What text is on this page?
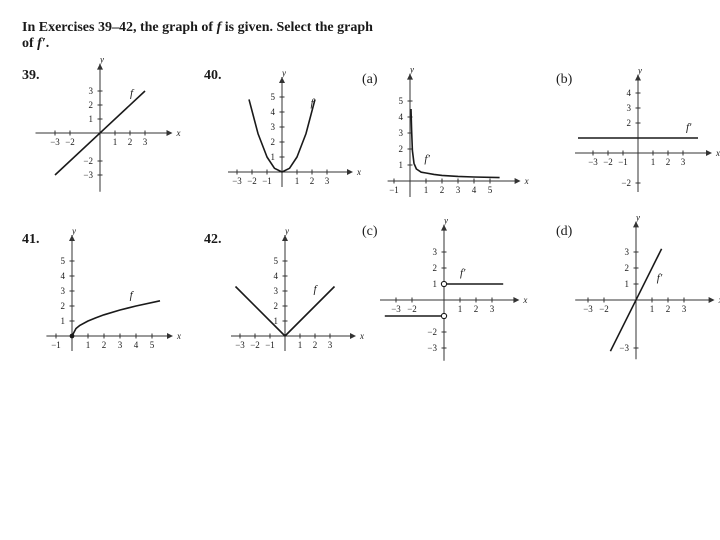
In Exercises 39–42, the graph of f is given. Select the graph
of f′.

39.
x
y
−3 −2	1 2 3
3
2
1
−2
−3
f
40.
x
y
−3 −2 −1	1 2 3
5
4
3
2
1
f
(a)
x
y
−1	1 2 3 4 5
5
4
3
2
1
f′
(b)
x
y
−3 −2 −1	1 2 3
4
3
2
−2
f′
41.
x
y
−1	1 2 3 4 5
5
4
3
2
1
f
42.
x
y
−3 −2 −1	1 2 3
5
4
3
2
1
f
(c)
x
y
−3 −2	1 2 3
3
2
1
−2
−3
f′
(d)
y
−3 −2	1 2 3
3
2
1
−3
f′
